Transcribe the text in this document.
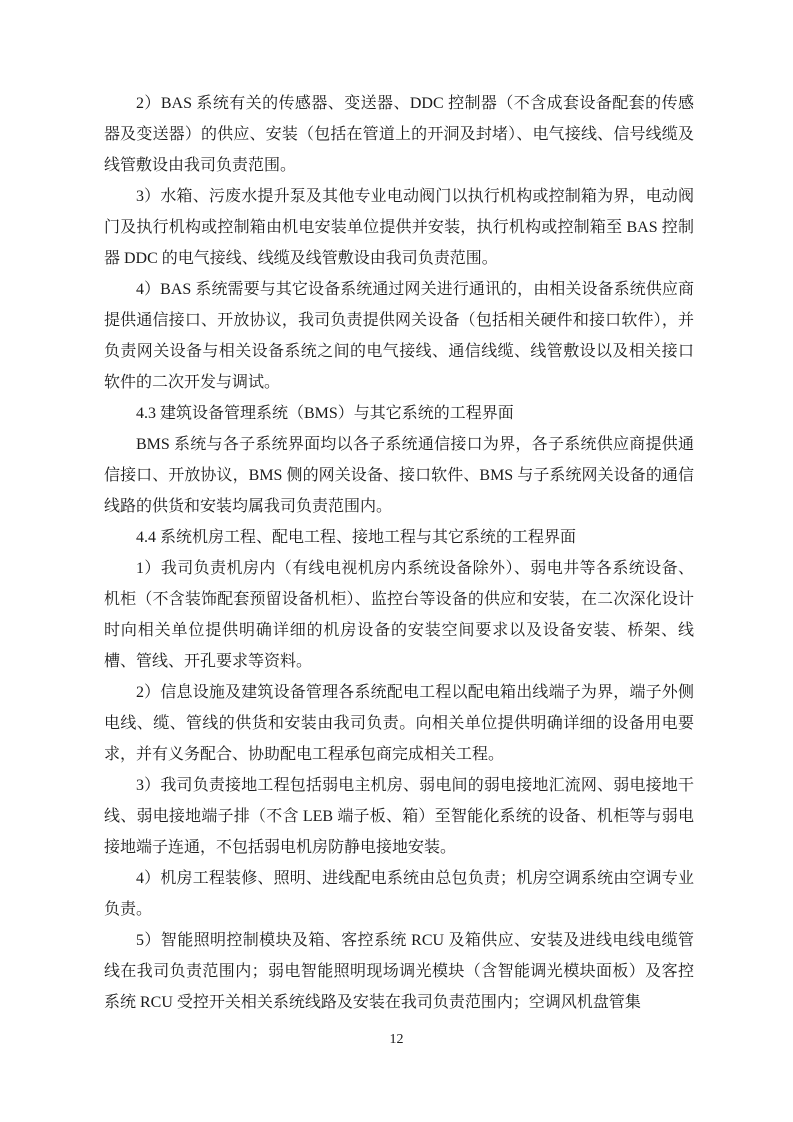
2）BAS 系统有关的传感器、变送器、DDC 控制器（不含成套设备配套的传感器及变送器）的供应、安装（包括在管道上的开洞及封堵）、电气接线、信号线缆及线管敷设由我司负责范围。

3）水箱、污废水提升泵及其他专业电动阀门以执行机构或控制箱为界，电动阀门及执行机构或控制箱由机电安装单位提供并安装，执行机构或控制箱至 BAS 控制器 DDC 的电气接线、线缆及线管敷设由我司负责范围。

4）BAS 系统需要与其它设备系统通过网关进行通讯的，由相关设备系统供应商提供通信接口、开放协议，我司负责提供网关设备（包括相关硬件和接口软件），并负责网关设备与相关设备系统之间的电气接线、通信线缆、线管敷设以及相关接口软件的二次开发与调试。

4.3 建筑设备管理系统（BMS）与其它系统的工程界面

BMS 系统与各子系统界面均以各子系统通信接口为界，各子系统供应商提供通信接口、开放协议，BMS 侧的网关设备、接口软件、BMS 与子系统网关设备的通信线路的供货和安装均属我司负责范围内。

4.4 系统机房工程、配电工程、接地工程与其它系统的工程界面

1）我司负责机房内（有线电视机房内系统设备除外）、弱电井等各系统设备、机柜（不含装饰配套预留设备机柜）、监控台等设备的供应和安装，在二次深化设计时向相关单位提供明确详细的机房设备的安装空间要求以及设备安装、桥架、线槽、管线、开孔要求等资料。

2）信息设施及建筑设备管理各系统配电工程以配电箱出线端子为界，端子外侧电线、缆、管线的供货和安装由我司负责。向相关单位提供明确详细的设备用电要求，并有义务配合、协助配电工程承包商完成相关工程。

3）我司负责接地工程包括弱电主机房、弱电间的弱电接地汇流网、弱电接地干线、弱电接地端子排（不含 LEB 端子板、箱）至智能化系统的设备、机柜等与弱电接地端子连通，不包括弱电机房防静电接地安装。

4）机房工程装修、照明、进线配电系统由总包负责；机房空调系统由空调专业负责。

5）智能照明控制模块及箱、客控系统 RCU 及箱供应、安装及进线电线电缆管线在我司负责范围内；弱电智能照明现场调光模块（含智能调光模块面板）及客控系统 RCU 受控开关相关系统线路及安装在我司负责范围内；空调风机盘管集

12
